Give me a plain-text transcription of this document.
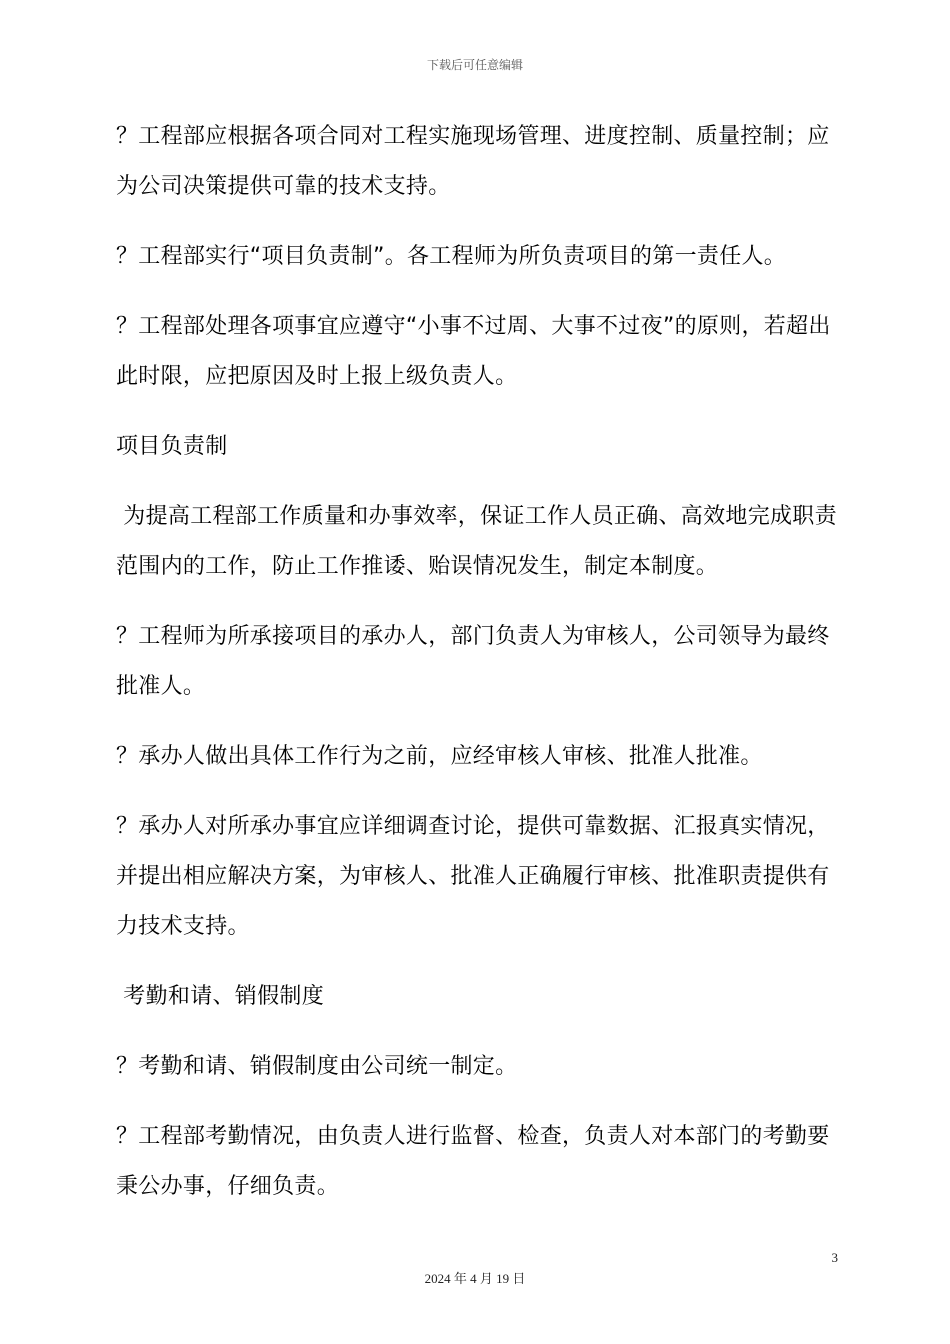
下载后可任意编辑

？工程部应根据各项合同对工程实施现场管理、进度控制、质量控制；应为公司决策提供可靠的技术支持。

？工程部实行“项目负责制”。各工程师为所负责项目的第一责任人。

？工程部处理各项事宜应遵守“小事不过周、大事不过夜”的原则，若超出此时限，应把原因及时上报上级负责人。

项目负责制

为提高工程部工作质量和办事效率，保证工作人员正确、高效地完成职责范围内的工作，防止工作推诿、贻误情况发生，制定本制度。

？工程师为所承接项目的承办人，部门负责人为审核人，公司领导为最终批准人。

？承办人做出具体工作行为之前，应经审核人审核、批准人批准。

？承办人对所承办事宜应详细调查讨论，提供可靠数据、汇报真实情况，并提出相应解决方案，为审核人、批准人正确履行审核、批准职责提供有力技术支持。

考勤和请、销假制度

？考勤和请、销假制度由公司统一制定。

？工程部考勤情况，由负责人进行监督、检查，负责人对本部门的考勤要秉公办事，仔细负责。

3
2024 年 4 月 19 日
